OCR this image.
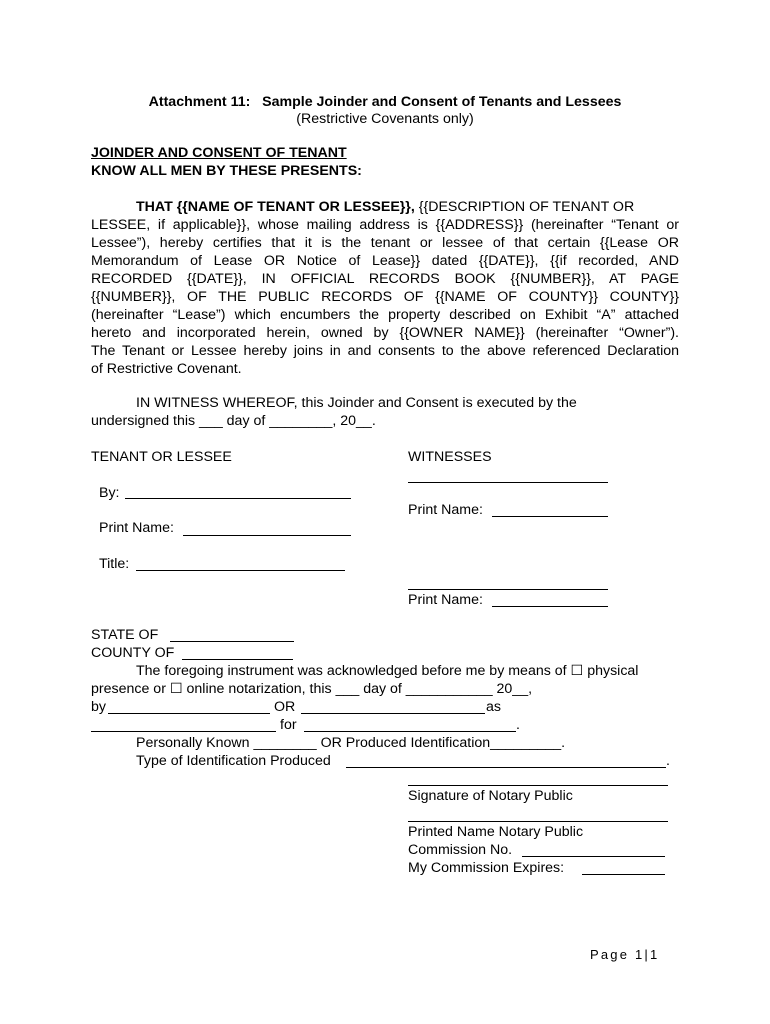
Attachment 11:   Sample Joinder and Consent of Tenants and Lessees
(Restrictive Covenants only)
JOINDER AND CONSENT OF TENANT
KNOW ALL MEN BY THESE PRESENTS:
THAT {{NAME OF TENANT OR LESSEE}}, {{DESCRIPTION OF TENANT OR
LESSEE, if applicable}}, whose mailing address is {{ADDRESS}} (hereinafter “Tenant or
Lessee”), hereby certifies that it is the tenant or lessee of that certain {{Lease OR
Memorandum of Lease OR Notice of Lease}} dated {{DATE}}, {{if recorded, AND
RECORDED {{DATE}}, IN OFFICIAL RECORDS BOOK {{NUMBER}}, AT PAGE
{{NUMBER}}, OF THE PUBLIC RECORDS OF {{NAME OF COUNTY}} COUNTY}}
(hereinafter “Lease”) which encumbers the property described on Exhibit “A” attached
hereto and incorporated herein, owned by {{OWNER NAME}} (hereinafter “Owner”).
The Tenant or Lessee hereby joins in and consents to the above referenced Declaration
of Restrictive Covenant.
IN WITNESS WHEREOF, this Joinder and Consent is executed by the
undersigned this ___ day of ________, 20__.
TENANT OR LESSEE	WITNESSES
Print Name:
By:
Print Name:
Title:
Print Name:
STATE OF
COUNTY OF
The foregoing instrument was acknowledged before me by means of ☐ physical
presence or ☐ online notarization, this ___ day of ___________ 20__,
by	OR	as
for	.
Personally Known ________ OR Produced Identification_________.
Type of Identification Produced	.
Signature of Notary Public
Printed Name Notary Public
Commission No.
My Commission Expires:
Page 1|1
